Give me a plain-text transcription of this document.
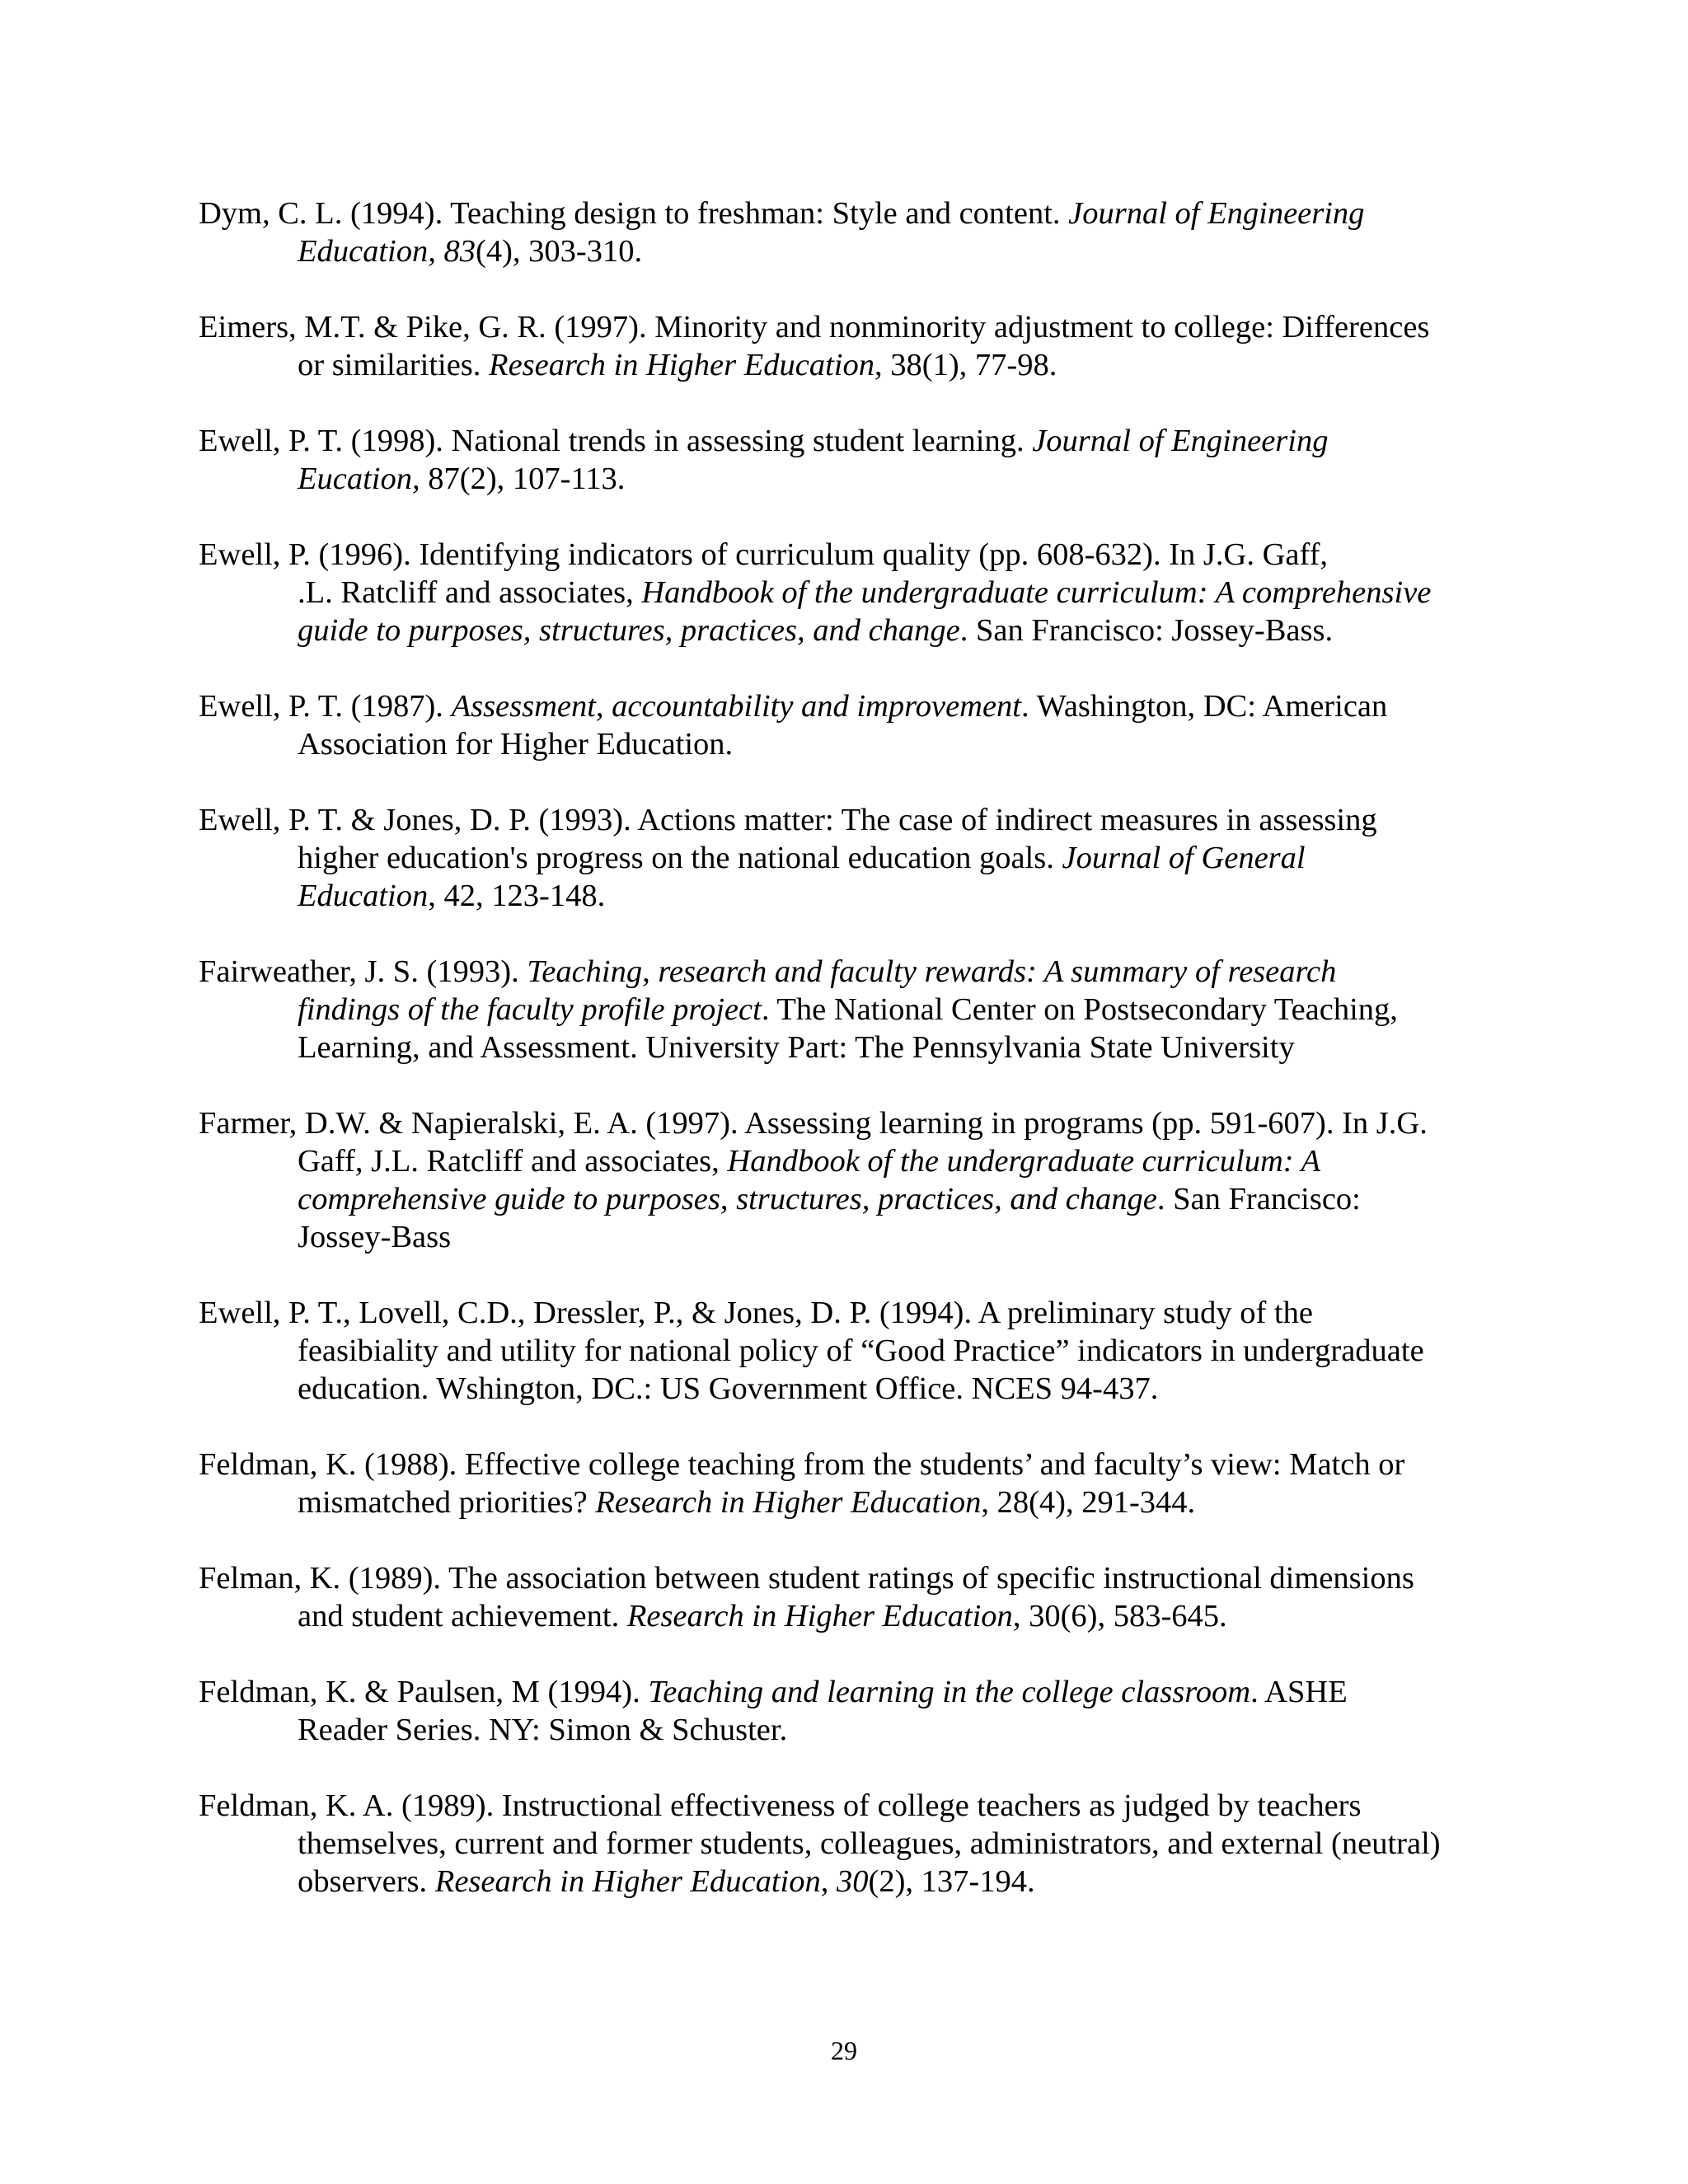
Dym, C. L. (1994). Teaching design to freshman: Style and content. Journal of Engineering
Education, 83(4), 303-310.
Eimers, M.T. & Pike, G. R. (1997). Minority and nonminority adjustment to college: Differences
or similarities. Research in Higher Education, 38(1), 77-98.
Ewell, P. T. (1998). National trends in assessing student learning. Journal of Engineering
Eucation, 87(2), 107-113.
Ewell, P. (1996). Identifying indicators of curriculum quality (pp. 608-632). In J.G. Gaff,
.L. Ratcliff and associates, Handbook of the undergraduate curriculum: A comprehensive
guide to purposes, structures, practices, and change. San Francisco: Jossey-Bass.
Ewell, P. T. (1987). Assessment, accountability and improvement. Washington, DC: American
Association for Higher Education.
Ewell, P. T. & Jones, D. P. (1993). Actions matter: The case of indirect measures in assessing
higher education's progress on the national education goals. Journal of General
Education, 42, 123-148.
Fairweather, J. S. (1993). Teaching, research and faculty rewards: A summary of research
findings of the faculty profile project. The National Center on Postsecondary Teaching,
Learning, and Assessment. University Part: The Pennsylvania State University
Farmer, D.W. & Napieralski, E. A. (1997). Assessing learning in programs (pp. 591-607). In J.G.
Gaff, J.L. Ratcliff and associates, Handbook of the undergraduate curriculum: A
comprehensive guide to purposes, structures, practices, and change. San Francisco:
Jossey-Bass
Ewell, P. T., Lovell, C.D., Dressler, P., & Jones, D. P. (1994). A preliminary study of the
feasibiality and utility for national policy of “Good Practice” indicators in undergraduate
education. Wshington, DC.: US Government Office. NCES 94-437.
Feldman, K. (1988). Effective college teaching from the students’ and faculty’s view: Match or
mismatched priorities? Research in Higher Education, 28(4), 291-344.
Felman, K. (1989). The association between student ratings of specific instructional dimensions
and student achievement. Research in Higher Education, 30(6), 583-645.
Feldman, K. & Paulsen, M (1994). Teaching and learning in the college classroom. ASHE
Reader Series. NY: Simon & Schuster.
Feldman, K. A. (1989). Instructional effectiveness of college teachers as judged by teachers
themselves, current and former students, colleagues, administrators, and external (neutral)
observers. Research in Higher Education, 30(2), 137-194.
29
